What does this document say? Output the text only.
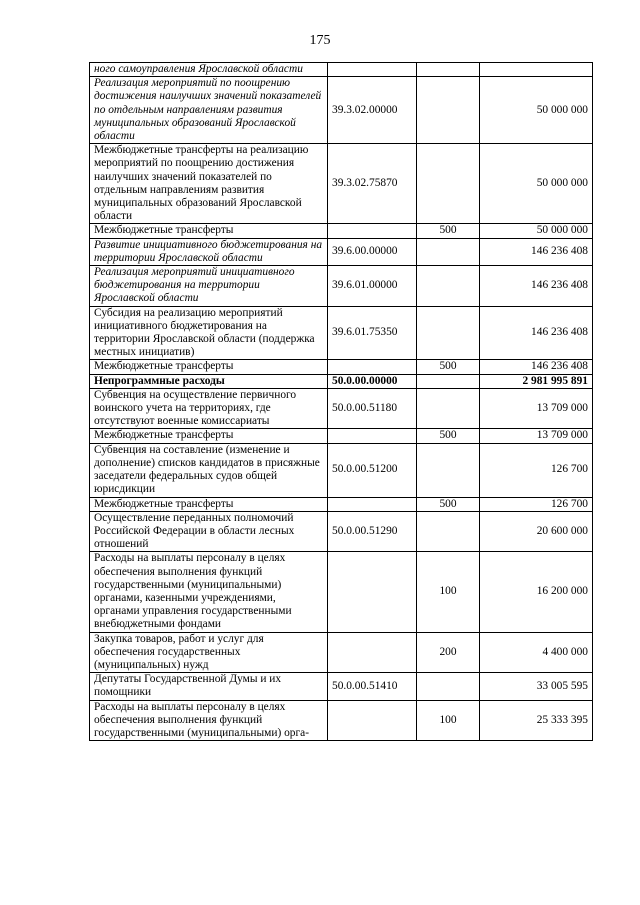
175
ного самоуправления Ярославской области			
Реализация мероприятий по поощрению достижения наилучших значений показателей по отдельным направлениям развития муниципальных образований Ярославской области	39.3.02.00000		50 000 000
Межбюджетные трансферты на реализацию мероприятий по поощрению достижения наилучших значений показателей по отдельным направлениям развития муниципальных образований Ярославской области	39.3.02.75870		50 000 000
Межбюджетные трансферты		500	50 000 000
Развитие инициативного бюджетирования на территории Ярославской области	39.6.00.00000		146 236 408
Реализация мероприятий инициативного бюджетирования на территории Ярославской области	39.6.01.00000		146 236 408
Субсидия на реализацию мероприятий инициативного бюджетирования на территории Ярославской области (поддержка местных инициатив)	39.6.01.75350		146 236 408
Межбюджетные трансферты		500	146 236 408
Непрограммные расходы	50.0.00.00000		2 981 995 891
Субвенция на осуществление первичного воинского учета на территориях, где отсутствуют военные комиссариаты	50.0.00.51180		13 709 000
Межбюджетные трансферты		500	13 709 000
Субвенция на составление (изменение и дополнение) списков кандидатов в присяжные заседатели федеральных судов общей юрисдикции	50.0.00.51200		126 700
Межбюджетные трансферты		500	126 700
Осуществление переданных полномочий Российской Федерации в области лесных отношений	50.0.00.51290		20 600 000
Расходы на выплаты персоналу в целях обеспечения выполнения функций государственными (муниципальными) органами, казенными учреждениями, органами управления государственными внебюджетными фондами		100	16 200 000
Закупка товаров, работ и услуг для обеспечения государственных (муниципальных) нужд		200	4 400 000
Депутаты Государственной Думы и их помощники	50.0.00.51410		33 005 595
Расходы на выплаты персоналу в целях обеспечения выполнения функций государственными (муниципальными) орга-		100	25 333 395
